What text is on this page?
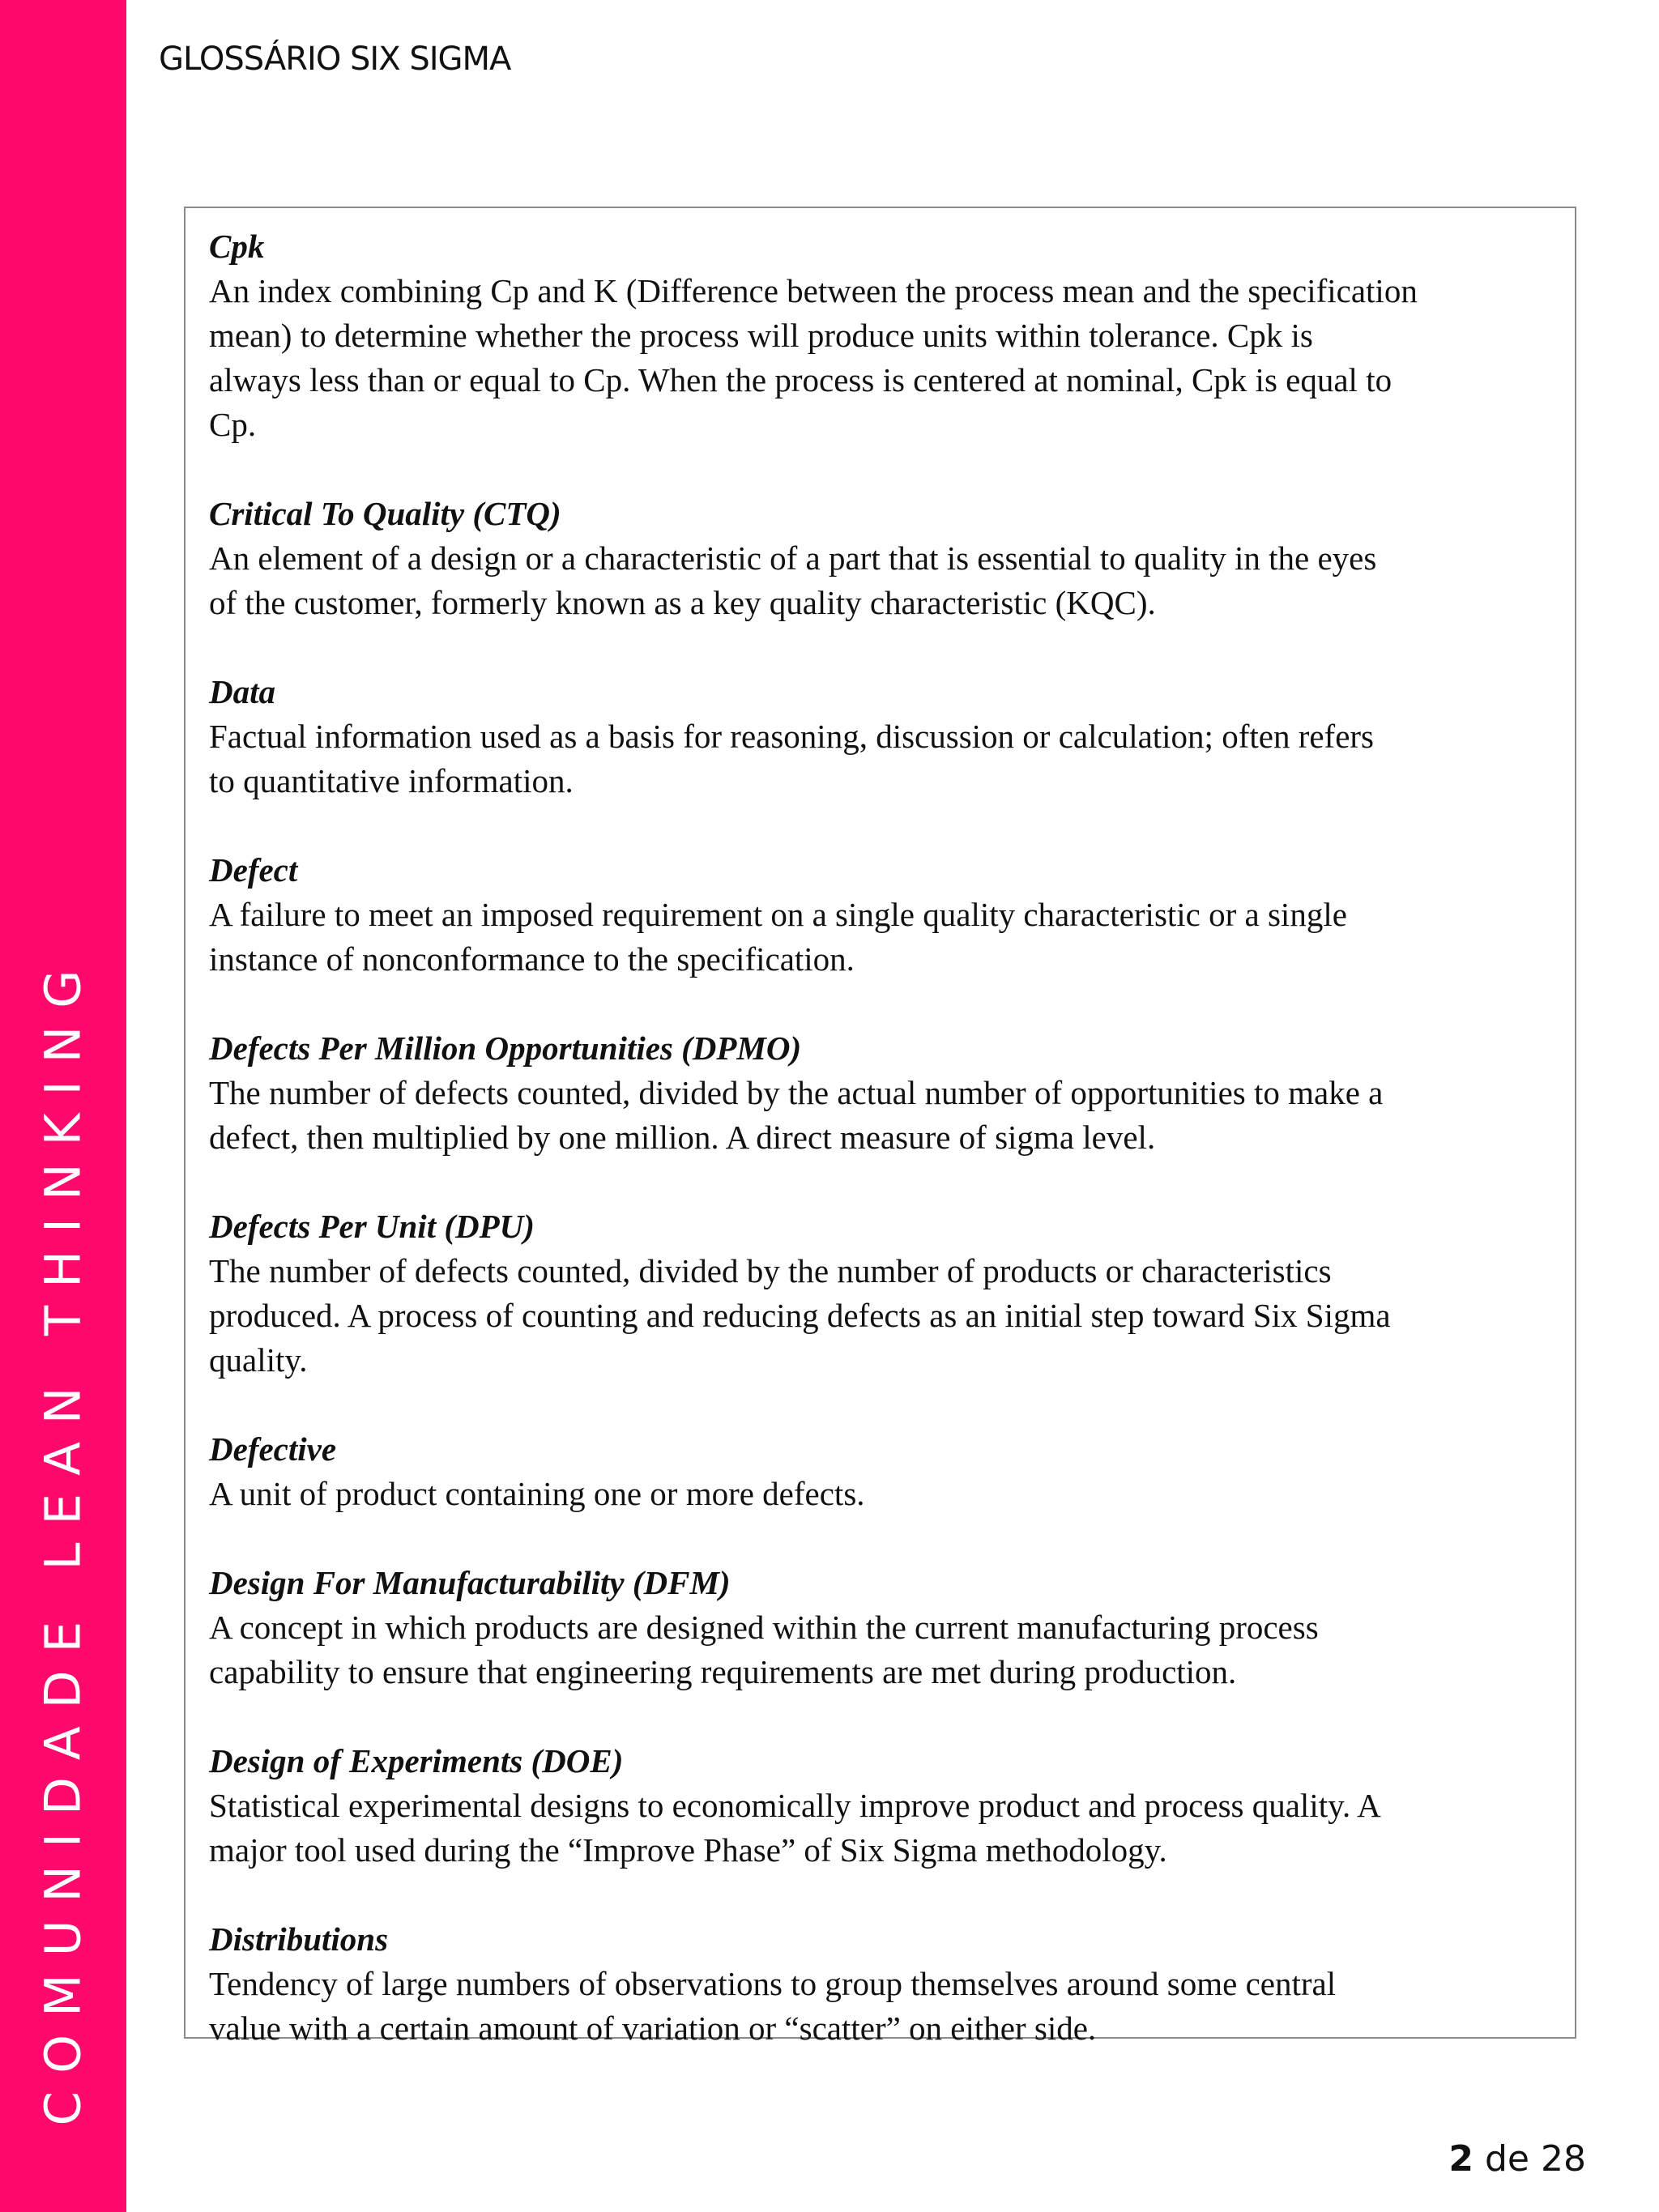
COMUNIDADE LEAN THINKING
GLOSSÁRIO SIX SIGMA
Cpk
An index combining Cp and K (Difference between the process mean and the specification
mean) to determine whether the process will produce units within tolerance. Cpk is
always less than or equal to Cp. When the process is centered at nominal, Cpk is equal to
Cp.
Critical To Quality (CTQ)
An element of a design or a characteristic of a part that is essential to quality in the eyes
of the customer, formerly known as a key quality characteristic (KQC).
Data
Factual information used as a basis for reasoning, discussion or calculation; often refers
to quantitative information.
Defect
A failure to meet an imposed requirement on a single quality characteristic or a single
instance of nonconformance to the specification.
Defects Per Million Opportunities (DPMO)
The number of defects counted, divided by the actual number of opportunities to make a
defect, then multiplied by one million. A direct measure of sigma level.
Defects Per Unit (DPU)
The number of defects counted, divided by the number of products or characteristics
produced. A process of counting and reducing defects as an initial step toward Six Sigma
quality.
Defective
A unit of product containing one or more defects.
Design For Manufacturability (DFM)
A concept in which products are designed within the current manufacturing process
capability to ensure that engineering requirements are met during production.
Design of Experiments (DOE)
Statistical experimental designs to economically improve product and process quality. A
major tool used during the “Improve Phase” of Six Sigma methodology.
Distributions
Tendency of large numbers of observations to group themselves around some central
value with a certain amount of variation or “scatter” on either side.
2 de 28
